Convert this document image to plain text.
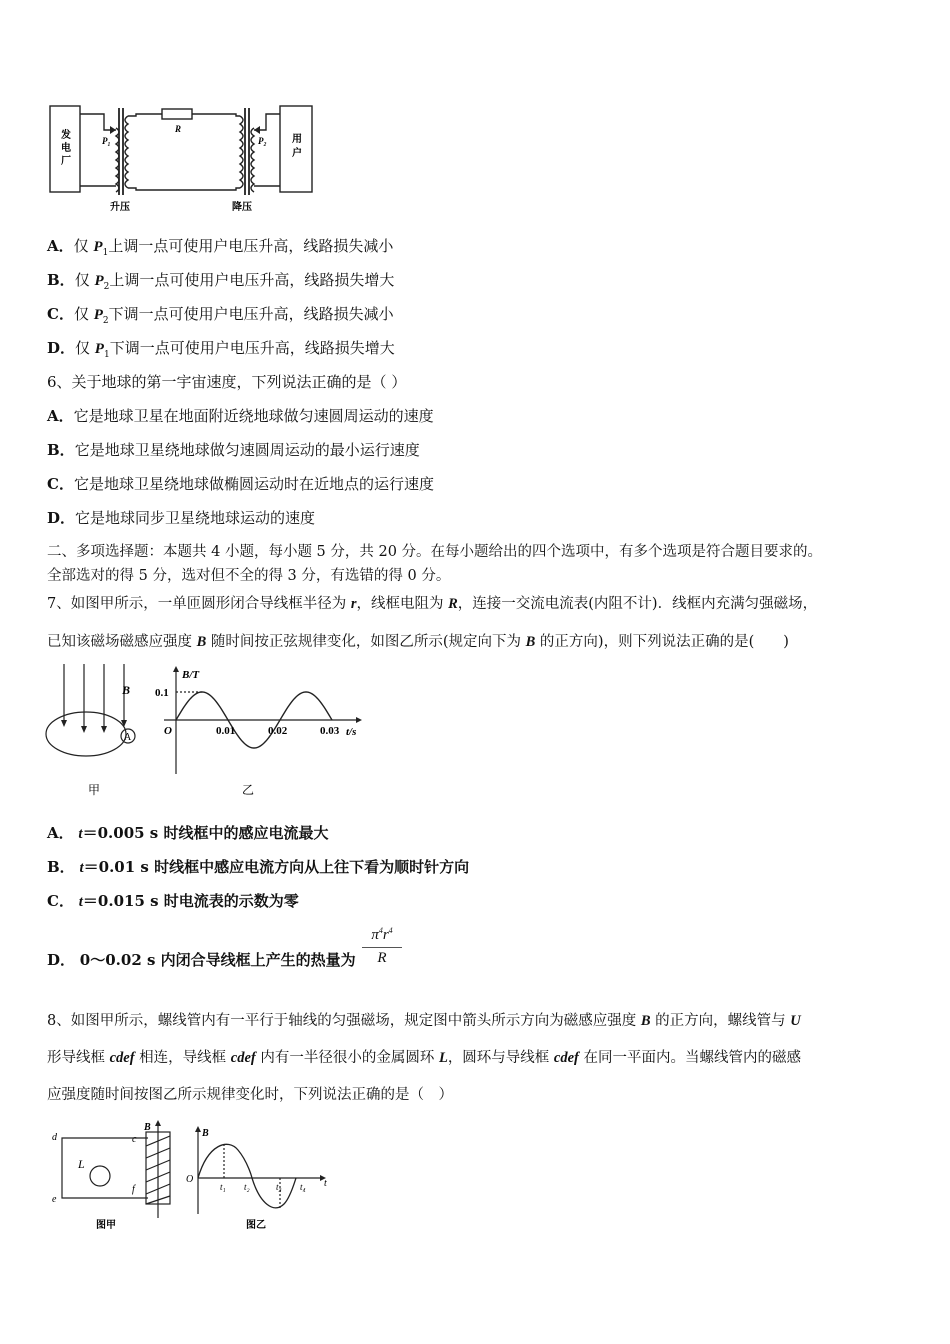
发电厂
用户
R
P₁	P₂
升压	降压
A．仅 $P_1$上调一点可使用户电压升高，线路损失减小
B．仅 $P_2$上调一点可使用户电压升高，线路损失增大
C．仅 $P_2$下调一点可使用户电压升高，线路损失减小
D．仅 $P_1$下调一点可使用户电压升高，线路损失增大
6、关于地球的第一宇宙速度，下列说法正确的是（ ）
A．它是地球卫星在地面附近绕地球做匀速圆周运动的速度
B．它是地球卫星绕地球做匀速圆周运动的最小运行速度
C．它是地球卫星绕地球做椭圆运动时在近地点的运行速度
D．它是地球同步卫星绕地球运动的速度
二、多项选择题：本题共 4 小题，每小题 5 分，共 20 分。在每小题给出的四个选项中，有多个选项是符合题目要求的。
全部选对的得 5 分，选对但不全的得 3 分，有选错的得 0 分。
7、如图甲所示，一单匝圆形闭合导线框半径为 r，线框电阻为 R，连接一交流电流表(内阻不计)．线框内充满匀强磁场，
已知该磁场磁感应强度 B 随时间按正弦规律变化，如图乙所示(规定向下为 B 的正方向)，则下列说法正确的是(　　)
B
A
甲
B/T
0.1
O	0.01	0.02	0.03 t/s
乙
A． t＝0.005 s 时线框中的感应电流最大
B． t＝0.01 s 时线框中感应电流方向从上往下看为顺时针方向
C． t＝0.015 s 时电流表的示数为零
D． 0～0.02 s 内闭合导线框上产生的热量为 $\frac{\pi^4r^4}{R}$
8、如图甲所示，螺线管内有一平行于轴线的匀强磁场，规定图中箭头所示方向为磁感应强度 B 的正方向，螺线管与 U
形导线框 cdef 相连，导线框 cdef 内有一半径很小的金属圆环 L，圆环与导线框 cdef 在同一平面内。当螺线管内的磁感
应强度随时间按图乙所示规律变化时，下列说法正确的是（　）
d	c
e
f
L
B
图甲
B
O
t₁ t₂	t₃ t₄ t
图乙
